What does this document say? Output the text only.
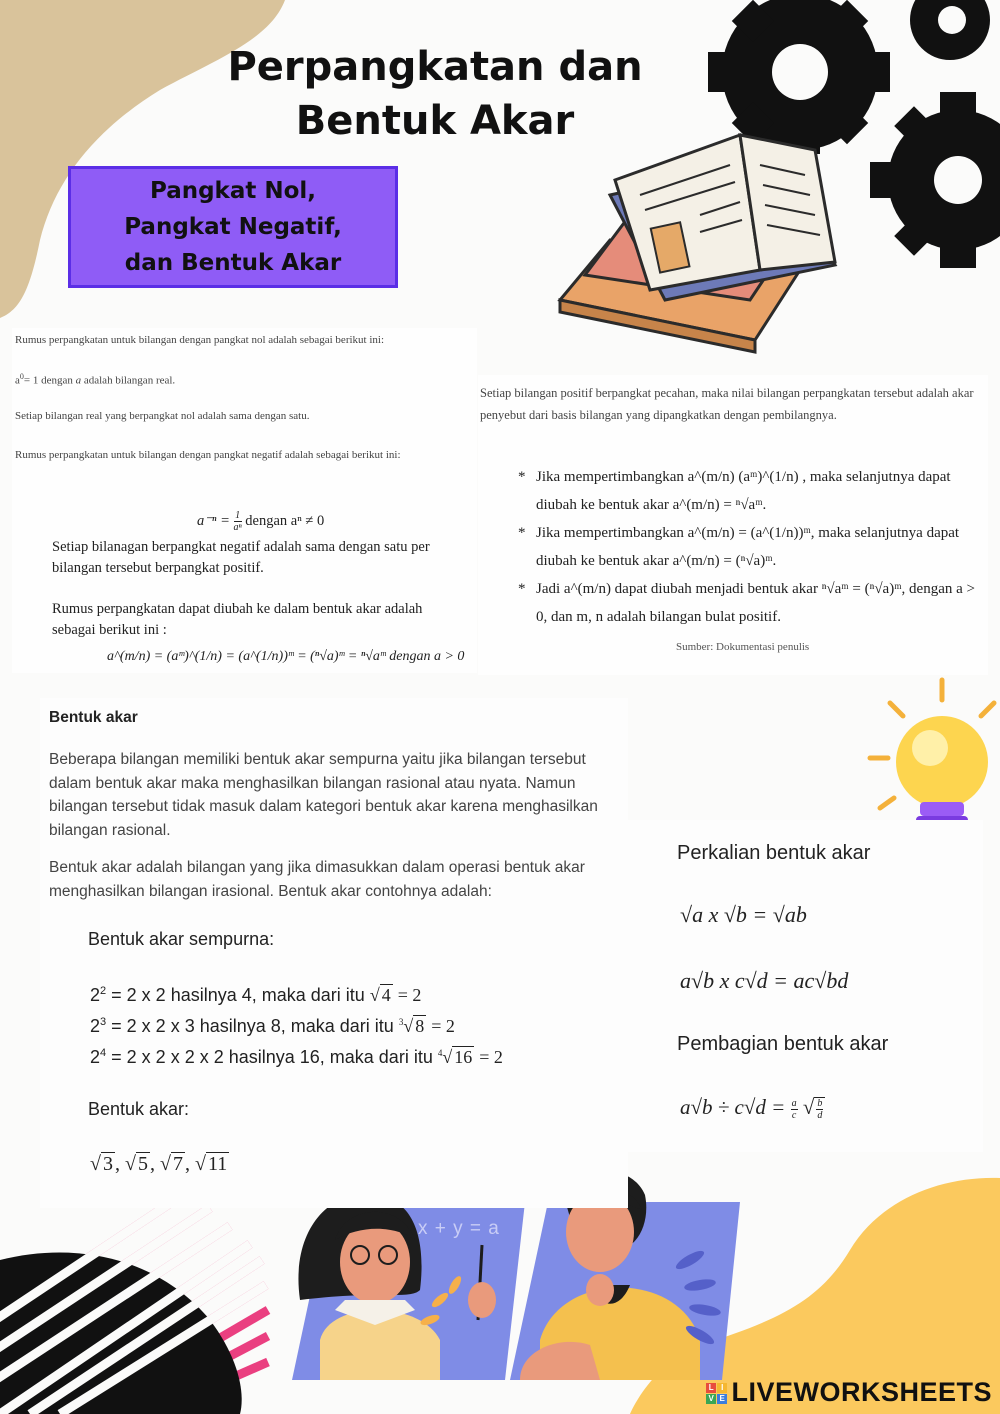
Perpangkatan dan
Bentuk Akar
Pangkat Nol,
Pangkat Negatif,
dan Bentuk Akar
Rumus perpangkatan untuk bilangan dengan pangkat nol adalah sebagai berikut ini:
$a^0= 1$ dengan a adalah bilangan real.
Setiap bilangan real yang berpangkat nol adalah sama dengan satu.
Rumus perpangkatan untuk bilangan dengan pangkat negatif adalah sebagai berikut ini:
$a^{-n} = \frac{1}{\text{aⁿ}}$ dengan aⁿ ≠ 0
Setiap bilanagan berpangkat negatif adalah sama dengan satu per bilangan tersebut berpangkat positif.
Rumus perpangkatan dapat diubah ke dalam bentuk akar adalah sebagai berikut ini :
a^(m/n) = (aᵐ)^(1/n) = (a^(1/n))ᵐ = (ⁿ√a)ᵐ = ⁿ√aᵐ dengan a > 0
Setiap bilangan positif berpangkat pecahan, maka nilai bilangan perpangkatan tersebut adalah akar penyebut dari basis bilangan yang dipangkatkan dengan pembilangnya.
* Jika mempertimbangkan a^(m/n) (aᵐ)^(1/n) , maka selanjutnya dapat diubah ke bentuk akar a^(m/n) = ⁿ√aᵐ.
* Jika mempertimbangkan a^(m/n) = (a^(1/n))ᵐ, maka selanjutnya dapat diubah ke bentuk akar a^(m/n) = (ⁿ√a)ᵐ.
* Jadi a^(m/n) dapat diubah menjadi bentuk akar ⁿ√aᵐ = (ⁿ√a)ᵐ, dengan a > 0, dan m, n adalah bilangan bulat positif.
Sumber: Dokumentasi penulis
Bentuk akar
Beberapa bilangan memiliki bentuk akar sempurna yaitu jika bilangan tersebut dalam bentuk akar maka menghasilkan bilangan rasional atau nyata. Namun bilangan tersebut tidak masuk dalam kategori bentuk akar karena menghasilkan bilangan rasional.
Bentuk akar adalah bilangan yang jika dimasukkan dalam operasi bentuk akar menghasilkan bilangan irasional. Bentuk akar contohnya adalah:
Bentuk akar sempurna:
$2^2 = 2$ x 2 hasilnya 4, maka dari itu √ 4 = 2
$2^3 = 2$ x 2 x 3 hasilnya 8, maka dari itu $^3$√ 8 = 2
$2^4 = 2$ x 2 x 2 x 2 hasilnya 16, maka dari itu $^4$√ 16 = 2
Bentuk akar:
√ 3 , √ 5 , √ 7 , √ 11
Perkalian bentuk akar
√a x √b = √ab
a√b x c√d = ac√bd
Pembagian bentuk akar
$a√b \div c√d = \frac{a}{c}$ √ $\frac{b}{d}$
x + y = a
L I
V E LIVEWORKSHEETS
